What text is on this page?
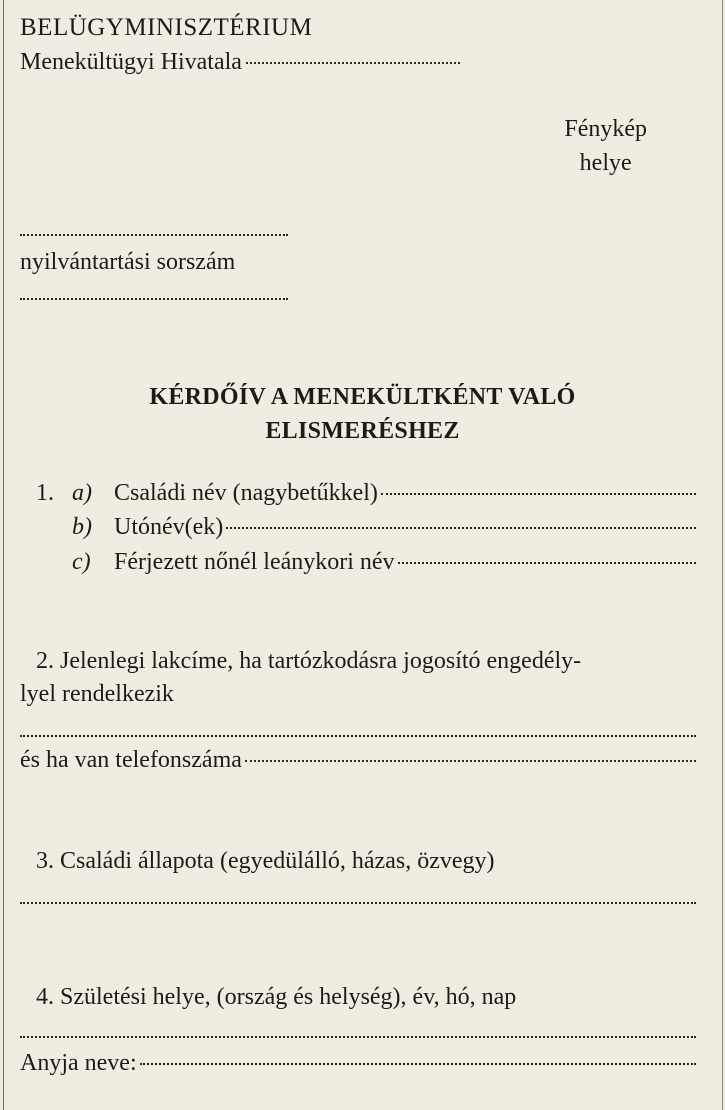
BELÜGYMINISZTÉRIUM
Menekültügyi Hivatala
Fénykép
helye
nyilvántartási sorszám
KÉRDŐÍV A MENEKÜLTKÉNT VALÓ
ELISMERÉSHEZ
1. a) Családi név (nagybetűkkel)
b) Utónév(ek)
c) Férjezett nőnél leánykori név
2. Jelenlegi lakcíme, ha tartózkodásra jogosító engedély-
lyel rendelkezik
és ha van telefonszáma
3. Családi állapota (egyedülálló, házas, özvegy)
4. Születési helye, (ország és helység), év, hó, nap
Anyja neve:
